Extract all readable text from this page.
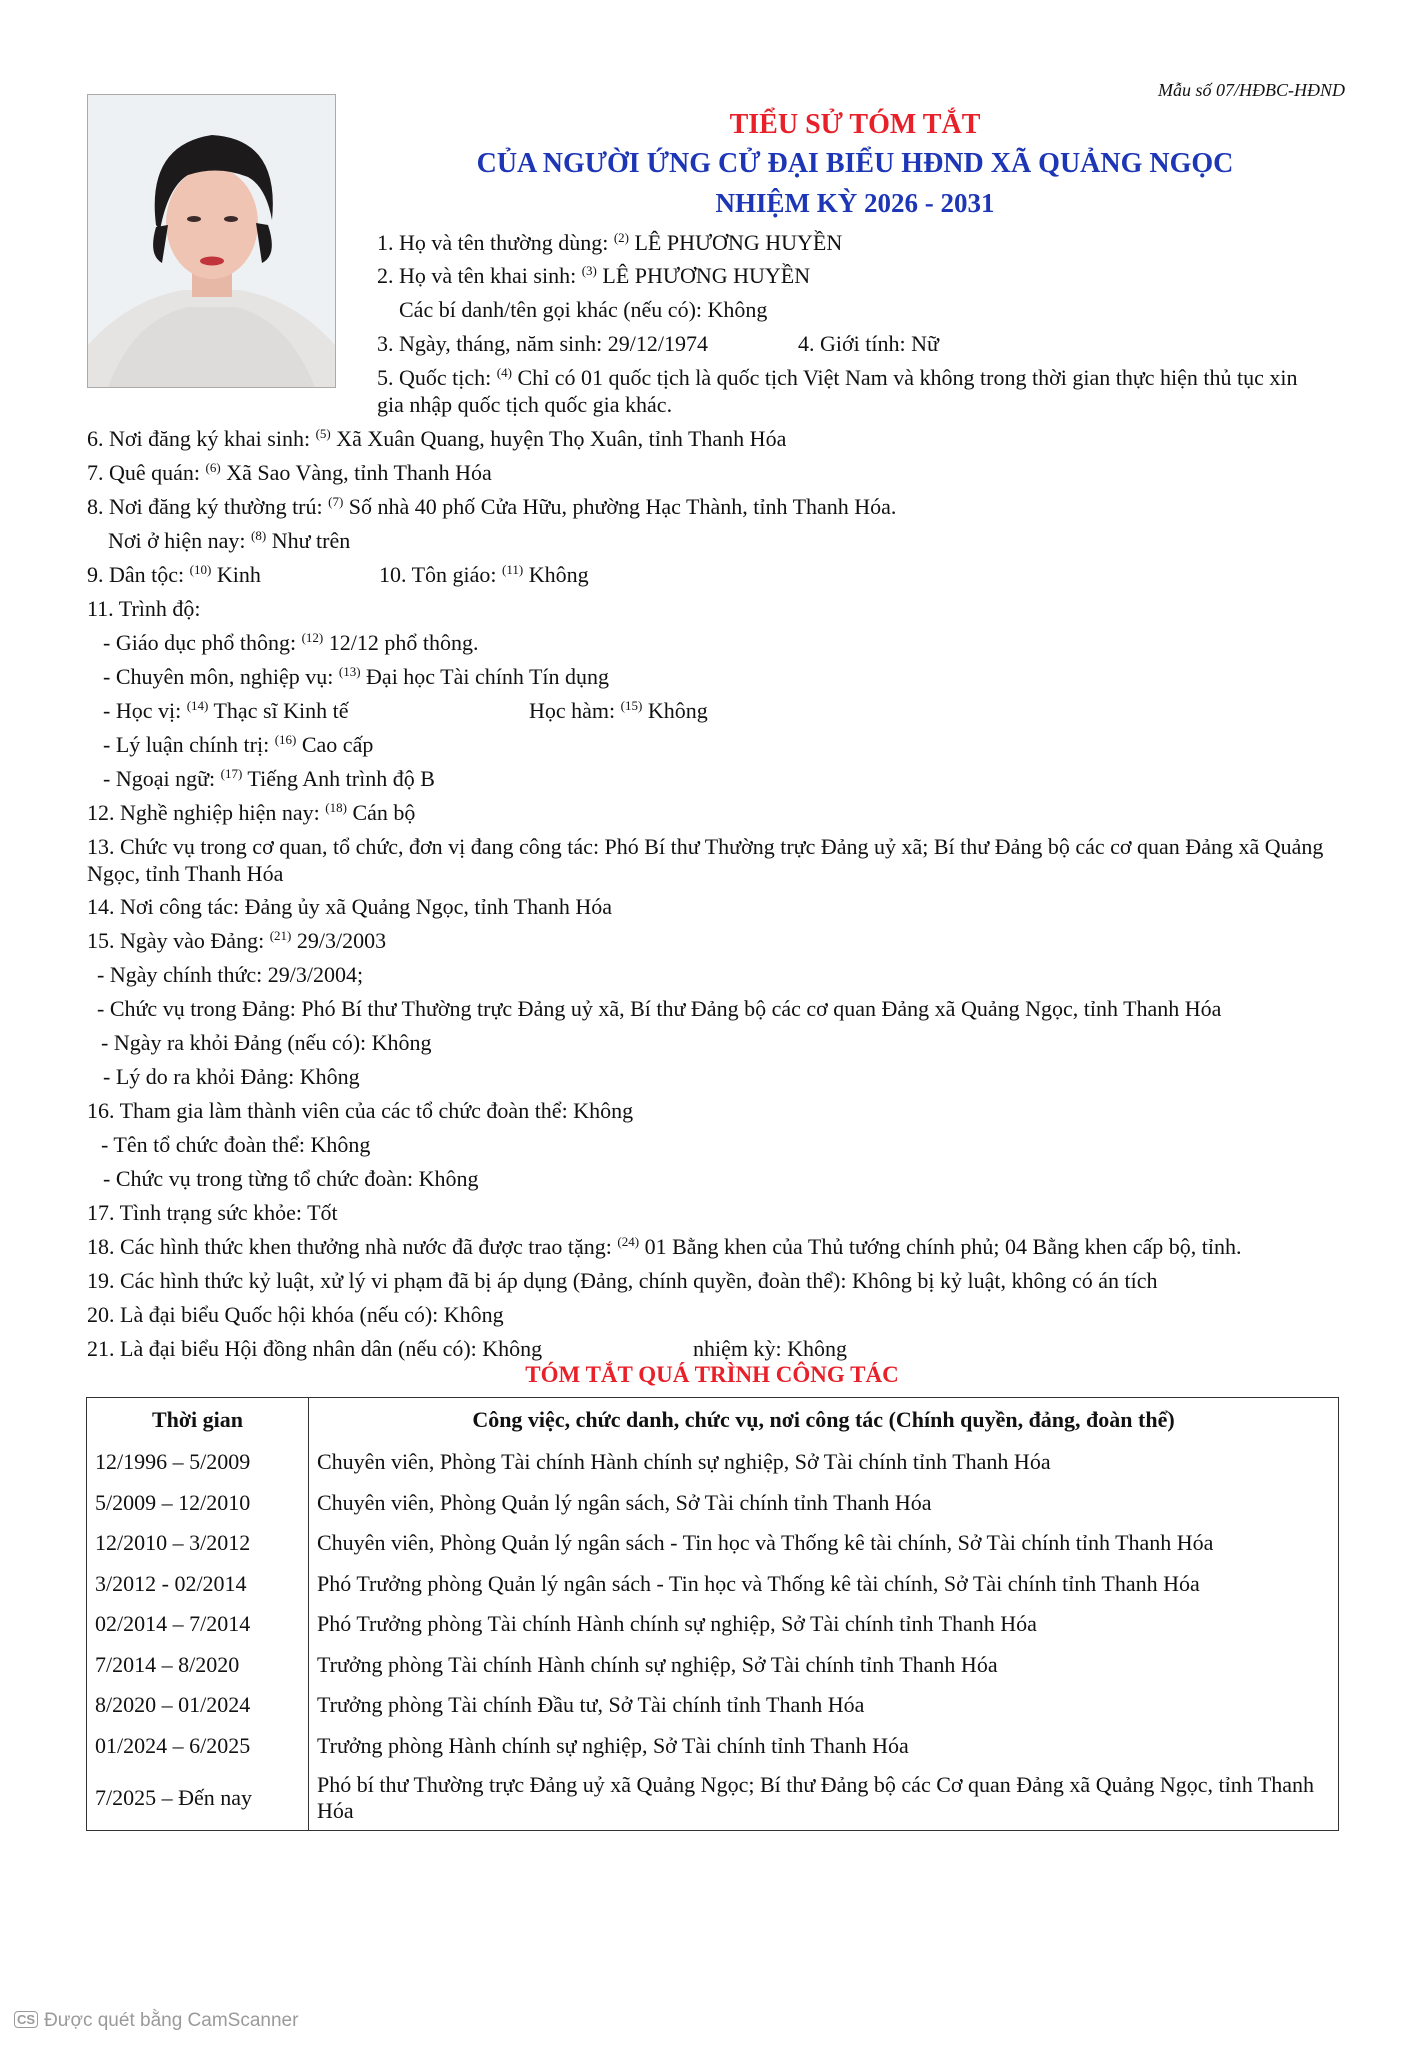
Mẫu số 07/HĐBC-HĐND
TIỂU SỬ TÓM TẮT
CỦA NGƯỜI ỨNG CỬ ĐẠI BIỂU HĐND XÃ QUẢNG NGỌC
NHIỆM KỲ 2026 - 2031
1. Họ và tên thường dùng: $^{(2)}$ LÊ PHƯƠNG HUYỀN
2. Họ và tên khai sinh: $^{(3)}$ LÊ PHƯƠNG HUYỀN
Các bí danh/tên gọi khác (nếu có): Không
3. Ngày, tháng, năm sinh: 29/12/1974	4. Giới tính: Nữ
5. Quốc tịch: $^{(4)}$ Chỉ có 01 quốc tịch là quốc tịch Việt Nam và không trong thời gian thực hiện thủ tục xin gia nhập quốc tịch quốc gia khác.
6. Nơi đăng ký khai sinh: $^{(5)}$ Xã Xuân Quang, huyện Thọ Xuân, tỉnh Thanh Hóa
7. Quê quán: $^{(6)}$ Xã Sao Vàng, tỉnh Thanh Hóa
8. Nơi đăng ký thường trú: $^{(7)}$ Số nhà 40 phố Cửa Hữu, phường Hạc Thành, tỉnh Thanh Hóa.
Nơi ở hiện nay: $^{(8)}$ Như trên
9. Dân tộc: $^{(10)}$ Kinh	10. Tôn giáo: $^{(11)}$ Không
11. Trình độ:
- Giáo dục phổ thông: $^{(12)}$ 12/12 phổ thông.
- Chuyên môn, nghiệp vụ: $^{(13)}$ Đại học Tài chính Tín dụng
- Học vị: $^{(14)}$ Thạc sĩ Kinh tế	Học hàm: $^{(15)}$ Không
- Lý luận chính trị: $^{(16)}$ Cao cấp
- Ngoại ngữ: $^{(17)}$ Tiếng Anh trình độ B
12. Nghề nghiệp hiện nay: $^{(18)}$ Cán bộ
13. Chức vụ trong cơ quan, tổ chức, đơn vị đang công tác: Phó Bí thư Thường trực Đảng uỷ xã; Bí thư Đảng bộ các cơ quan Đảng xã Quảng Ngọc, tỉnh Thanh Hóa
14. Nơi công tác: Đảng ủy xã Quảng Ngọc, tỉnh Thanh Hóa
15. Ngày vào Đảng: $^{(21)}$ 29/3/2003
- Ngày chính thức: 29/3/2004;
- Chức vụ trong Đảng: Phó Bí thư Thường trực Đảng uỷ xã, Bí thư Đảng bộ các cơ quan Đảng xã Quảng Ngọc, tỉnh Thanh Hóa
- Ngày ra khỏi Đảng (nếu có): Không
- Lý do ra khỏi Đảng: Không
16. Tham gia làm thành viên của các tổ chức đoàn thể: Không
- Tên tổ chức đoàn thể: Không
- Chức vụ trong từng tổ chức đoàn: Không
17. Tình trạng sức khỏe: Tốt
18. Các hình thức khen thưởng nhà nước đã được trao tặng: $^{(24)}$ 01 Bằng khen của Thủ tướng chính phủ; 04 Bằng khen cấp bộ, tỉnh.
19. Các hình thức kỷ luật, xử lý vi phạm đã bị áp dụng (Đảng, chính quyền, đoàn thể): Không bị kỷ luật, không có án tích
20. Là đại biểu Quốc hội khóa (nếu có): Không
21. Là đại biểu Hội đồng nhân dân (nếu có): Không	nhiệm kỳ: Không
TÓM TẮT QUÁ TRÌNH CÔNG TÁC
Thời gian	Công việc, chức danh, chức vụ, nơi công tác (Chính quyền, đảng, đoàn thể)
12/1996 – 5/2009	Chuyên viên, Phòng Tài chính Hành chính sự nghiệp, Sở Tài chính tỉnh Thanh Hóa
5/2009 – 12/2010	Chuyên viên, Phòng Quản lý ngân sách, Sở Tài chính tỉnh Thanh Hóa
12/2010 – 3/2012	Chuyên viên, Phòng Quản lý ngân sách - Tin học và Thống kê tài chính, Sở Tài chính tỉnh Thanh Hóa
3/2012 - 02/2014	Phó Trưởng phòng Quản lý ngân sách - Tin học và Thống kê tài chính, Sở Tài chính tỉnh Thanh Hóa
02/2014 – 7/2014	Phó Trưởng phòng Tài chính Hành chính sự nghiệp, Sở Tài chính tỉnh Thanh Hóa
7/2014 – 8/2020	Trưởng phòng Tài chính Hành chính sự nghiệp, Sở Tài chính tỉnh Thanh Hóa
8/2020 – 01/2024	Trưởng phòng Tài chính Đầu tư, Sở Tài chính tỉnh Thanh Hóa
01/2024 – 6/2025	Trưởng phòng Hành chính sự nghiệp, Sở Tài chính tỉnh Thanh Hóa
7/2025 – Đến nay	Phó bí thư Thường trực Đảng uỷ xã Quảng Ngọc; Bí thư Đảng bộ các Cơ quan Đảng xã Quảng Ngọc, tỉnh Thanh Hóa
CS Được quét bằng CamScanner
